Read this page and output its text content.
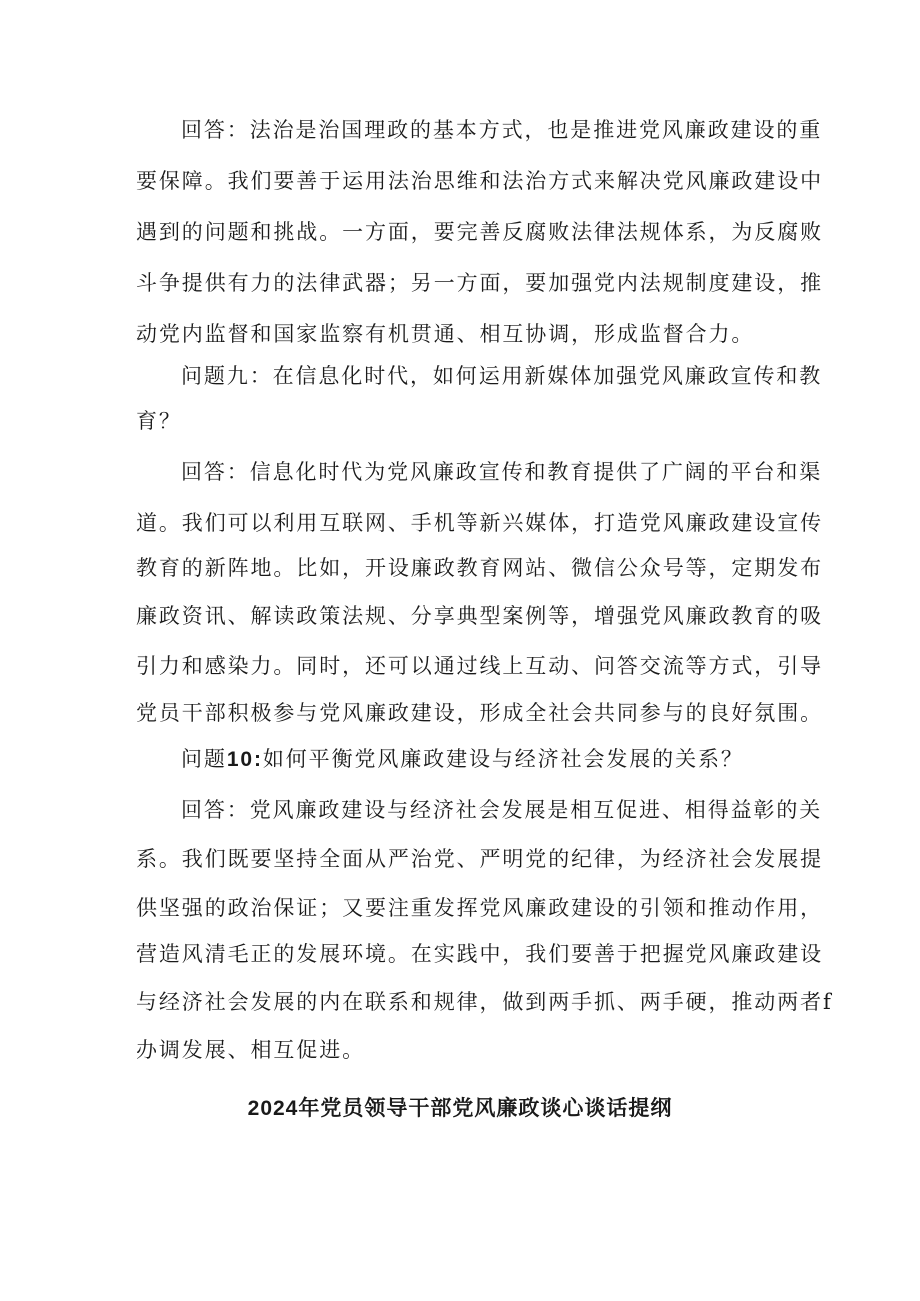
回答：法治是治国理政的基本方式，也是推进党风廉政建设的重
要保障。我们要善于运用法治思维和法治方式来解决党风廉政建设中
遇到的问题和挑战。一方面，要完善反腐败法律法规体系，为反腐败
斗争提供有力的法律武器；另一方面，要加强党内法规制度建设，推
动党内监督和国家监察有机贯通、相互协调，形成监督合力。
问题九：在信息化时代，如何运用新媒体加强党风廉政宣传和教
育？
回答：信息化时代为党风廉政宣传和教育提供了广阔的平台和渠
道。我们可以利用互联网、手机等新兴媒体，打造党风廉政建设宣传
教育的新阵地。比如，开设廉政教育网站、微信公众号等，定期发布
廉政资讯、解读政策法规、分享典型案例等，增强党风廉政教育的吸
引力和感染力。同时，还可以通过线上互动、问答交流等方式，引导
党员干部积极参与党风廉政建设，形成全社会共同参与的良好氛围。
问题10:如何平衡党风廉政建设与经济社会发展的关系？
回答：党风廉政建设与经济社会发展是相互促进、相得益彰的关
系。我们既要坚持全面从严治党、严明党的纪律，为经济社会发展提
供坚强的政治保证；又要注重发挥党风廉政建设的引领和推动作用，
营造风清毛正的发展环境。在实践中，我们要善于把握党风廉政建设
与经济社会发展的内在联系和规律，做到两手抓、两手硬，推动两者f
办调发展、相互促进。
2024年党员领导干部党风廉政谈心谈话提纲
